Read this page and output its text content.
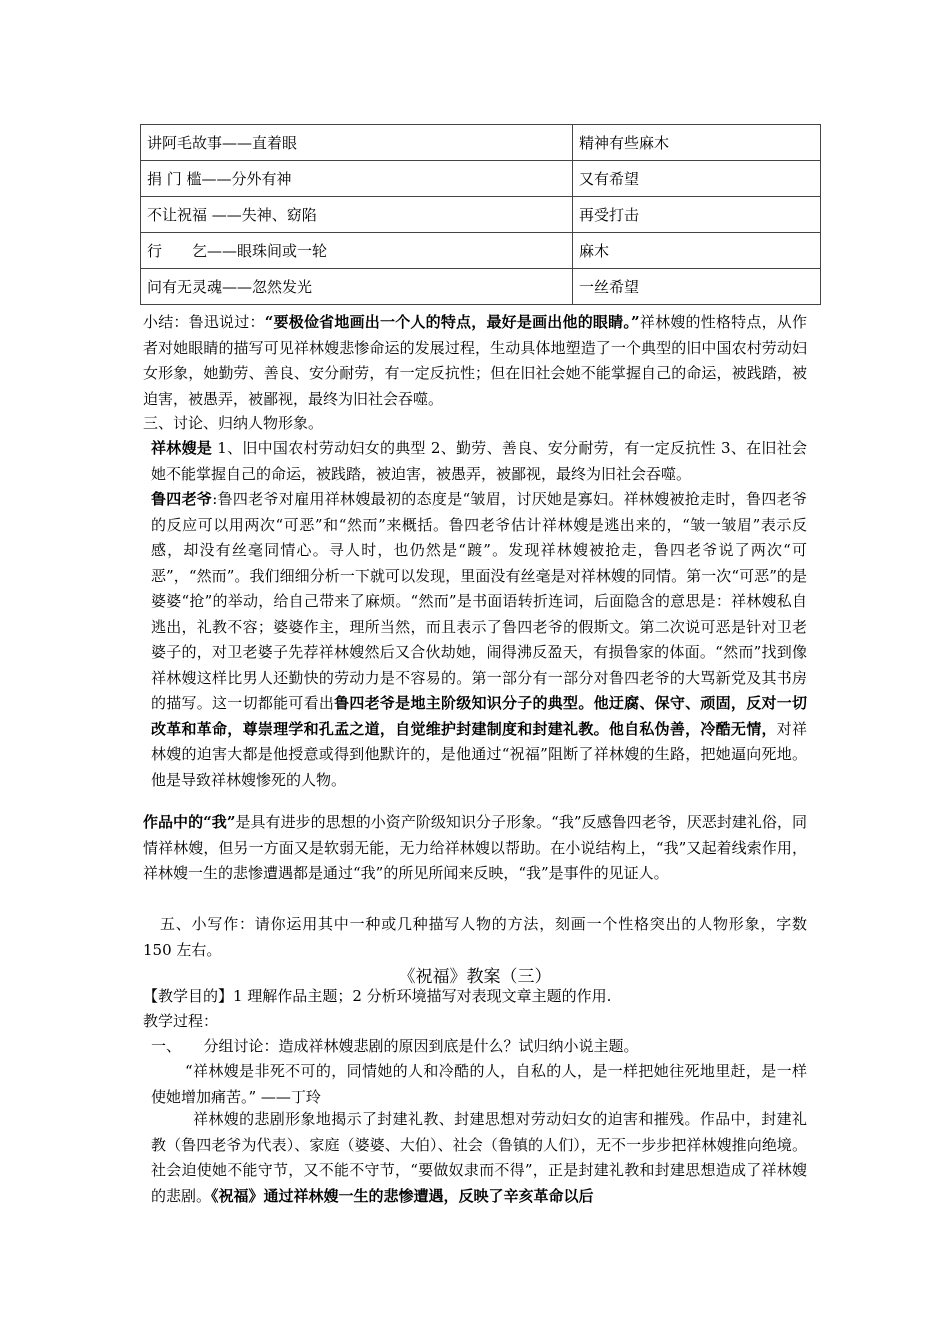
讲阿毛故事——直着眼	精神有些麻木
捐 门 槛——分外有神	又有希望
不让祝福 ——失神、窈陷	再受打击
行　　乞——眼珠间或一轮	麻木
问有无灵魂——忽然发光	一丝希望
小结：鲁迅说过：“要极俭省地画出一个人的特点，最好是画出他的眼睛。”祥林嫂的性格特点，从作者对她眼睛的描写可见祥林嫂悲惨命运的发展过程，生动具体地塑造了一个典型的旧中国农村劳动妇女形象，她勤劳、善良、安分耐劳，有一定反抗性；但在旧社会她不能掌握自己的命运，被践踏，被迫害，被愚弄，被鄙视，最终为旧社会吞噬。
三、讨论、归纳人物形象。
祥林嫂是 1、旧中国农村劳动妇女的典型 2、勤劳、善良、安分耐劳，有一定反抗性 3、在旧社会她不能掌握自己的命运，被践踏，被迫害，被愚弄，被鄙视，最终为旧社会吞噬。
鲁四老爷:鲁四老爷对雇用祥林嫂最初的态度是“皱眉，讨厌她是寡妇。祥林嫂被抢走时，鲁四老爷的反应可以用两次“可恶”和“然而”来概括。鲁四老爷估计祥林嫂是逃出来的，“皱一皱眉”表示反感，却没有丝毫同情心。寻人时，也仍然是“踱”。发现祥林嫂被抢走，鲁四老爷说了两次“可恶”，“然而”。我们细细分析一下就可以发现，里面没有丝毫是对祥林嫂的同情。第一次“可恶”的是婆婆“抢”的举动，给自己带来了麻烦。“然而”是书面语转折连词，后面隐含的意思是：祥林嫂私自逃出，礼教不容；婆婆作主，理所当然，而且表示了鲁四老爷的假斯文。第二次说可恶是针对卫老婆子的，对卫老婆子先荐祥林嫂然后又合伙劫她，闹得沸反盈天，有损鲁家的体面。“然而”找到像祥林嫂这样比男人还勤快的劳动力是不容易的。第一部分有一部分对鲁四老爷的大骂新党及其书房的描写。这一切都能可看出鲁四老爷是地主阶级知识分子的典型。他迂腐、保守、顽固，反对一切改革和革命，尊崇理学和孔孟之道，自觉维护封建制度和封建礼教。他自私伪善，冷酷无情，对祥林嫂的迫害大都是他授意或得到他默许的，是他通过“祝福”阻断了祥林嫂的生路，把她逼向死地。他是导致祥林嫂惨死的人物。
作品中的“我”是具有进步的思想的小资产阶级知识分子形象。“我”反感鲁四老爷，厌恶封建礼俗，同情祥林嫂，但另一方面又是软弱无能，无力给祥林嫂以帮助。在小说结构上，“我”又起着线索作用，祥林嫂一生的悲惨遭遇都是通过“我”的所见所闻来反映，“我”是事件的见证人。
五、小写作：请你运用其中一种或几种描写人物的方法，刻画一个性格突出的人物形象，字数 150 左右。
《祝福》教案（三）
【教学目的】1 理解作品主题；2 分析环境描写对表现文章主题的作用.
教学过程：
一、　　分组讨论：造成祥林嫂悲剧的原因到底是什么？试归纳小说主题。
“祥林嫂是非死不可的，同情她的人和冷酷的人，自私的人，是一样把她往死地里赶，是一样使她增加痛苦。” ——丁玲
祥林嫂的悲剧形象地揭示了封建礼教、封建思想对劳动妇女的迫害和摧残。作品中，封建礼教（鲁四老爷为代表）、家庭（婆婆、大伯）、社会（鲁镇的人们），无不一步步把祥林嫂推向绝境。社会迫使她不能守节，又不能不守节，“要做奴隶而不得”，正是封建礼教和封建思想造成了祥林嫂的悲剧。《祝福》通过祥林嫂一生的悲惨遭遇，反映了辛亥革命以后
